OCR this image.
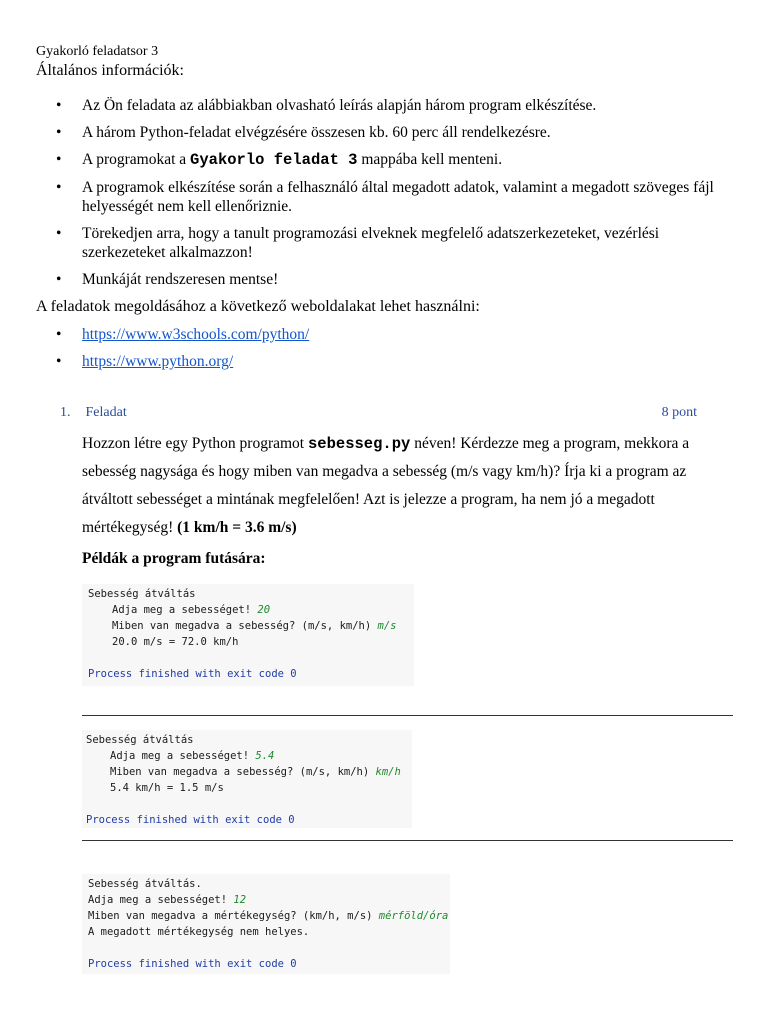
Gyakorló feladatsor 3
Általános információk:
• Az Ön feladata az alábbiakban olvasható leírás alapján három program elkészítése.
• A három Python-feladat elvégzésére összesen kb. 60 perc áll rendelkezésre.
• A programokat a Gyakorlo feladat 3 mappába kell menteni.
• A programok elkészítése során a felhasználó által megadott adatok, valamint a megadott szöveges fájl helyességét nem kell ellenőriznie.
• Törekedjen arra, hogy a tanult programozási elveknek megfelelő adatszerkezeteket, vezérlési szerkezeteket alkalmazzon!
• Munkáját rendszeresen mentse!
A feladatok megoldásához a következő weboldalakat lehet használni:
• https://www.w3schools.com/python/
• https://www.python.org/
1. Feladat	8 pont
Hozzon létre egy Python programot sebesseg.py néven! Kérdezze meg a program, mekkora a sebesség nagysága és hogy miben van megadva a sebesség (m/s vagy km/h)? Írja ki a program az átváltott sebességet a mintának megfelelően! Azt is jelezze a program, ha nem jó a megadott mértékegység! (1 km/h = 3.6 m/s)
Példák a program futására:
Sebesség átváltás
Adja meg a sebességet! 20
Miben van megadva a sebesség? (m/s, km/h) m/s
20.0 m/s = 72.0 km/h
Process finished with exit code 0
Sebesség átváltás
Adja meg a sebességet! 5.4
Miben van megadva a sebesség? (m/s, km/h) km/h
5.4 km/h = 1.5 m/s
Process finished with exit code 0
Sebesség átváltás.
Adja meg a sebességet! 12
Miben van megadva a mértékegység? (km/h, m/s) mérföld/óra
A megadott mértékegység nem helyes.
Process finished with exit code 0
